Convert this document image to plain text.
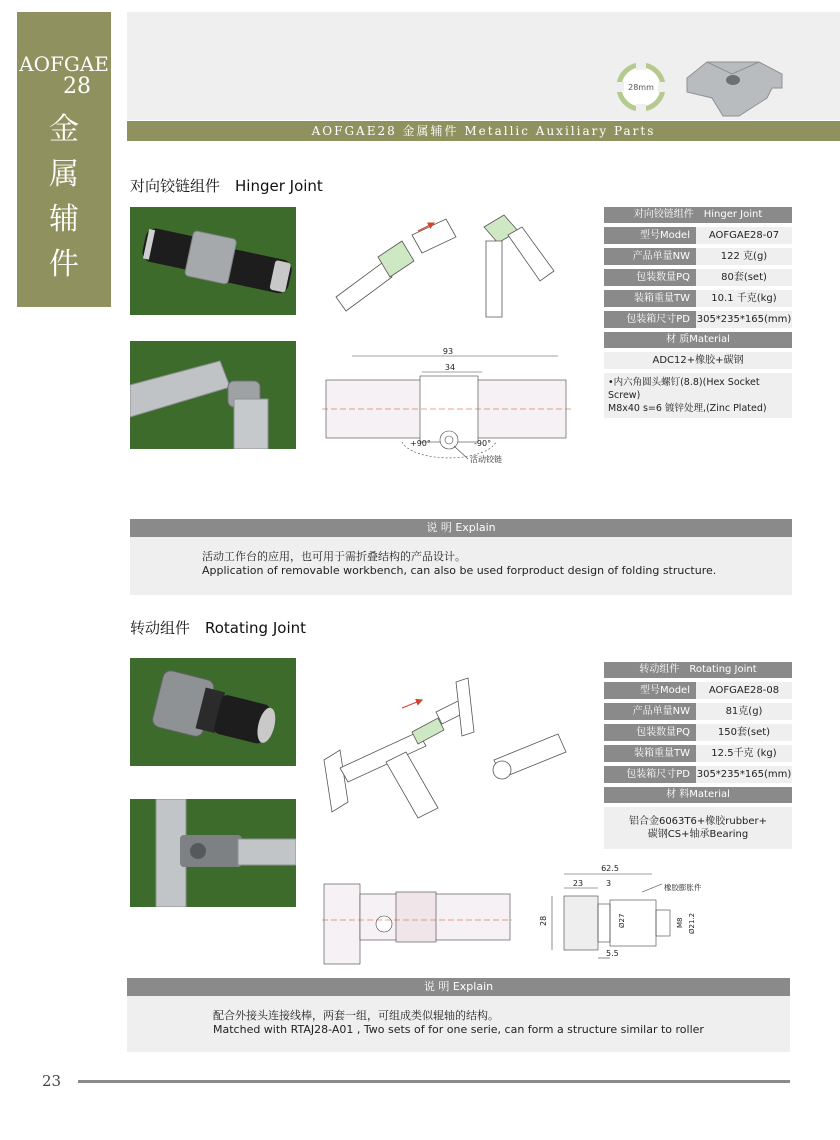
AOFGAE
28
金
属
辅
件
28mm
AOFGAE28 金属辅件 Metallic Auxiliary Parts
对向铰链组件　Hinger Joint
93
34
+90°	-90°
活动铰链
对向铰链组件　Hinger Joint
型号Model	AOFGAE28-07
产品单量NW	122 克(g)
包装数量PQ	80套(set)
装箱重量TW	10.1 千克(kg)
包装箱尺寸PD 305*235*165(mm)
材 质Material
ADC12+橡胶+碳钢
•内六角圆头螺钉(8.8)(Hex Socket Screw)
M8x40 s=6 镀锌处理,(Zinc Plated)
说 明 Explain
活动工作台的应用，也可用于需折叠结构的产品设计。
Application of removable workbench, can also be used forproduct design of folding structure.
转动组件　Rotating Joint
62.5
23	3
28	Ø27	M8 Ø21.2
5.5
橡胶膨胀件
转动组件　Rotating Joint
型号Model	AOFGAE28-08
产品单量NW	81克(g)
包装数量PQ	150套(set)
装箱重量TW	12.5千克 (kg)
包装箱尺寸PD 305*235*165(mm)
材 料Material
铝合金6063T6+橡胶rubber+
碳钢CS+轴承Bearing
说 明 Explain
配合外接头连接线棒，两套一组，可组成类似辊轴的结构。
Matched with RTAJ28-A01 , Two sets of for one serie, can form a structure similar to roller
23
